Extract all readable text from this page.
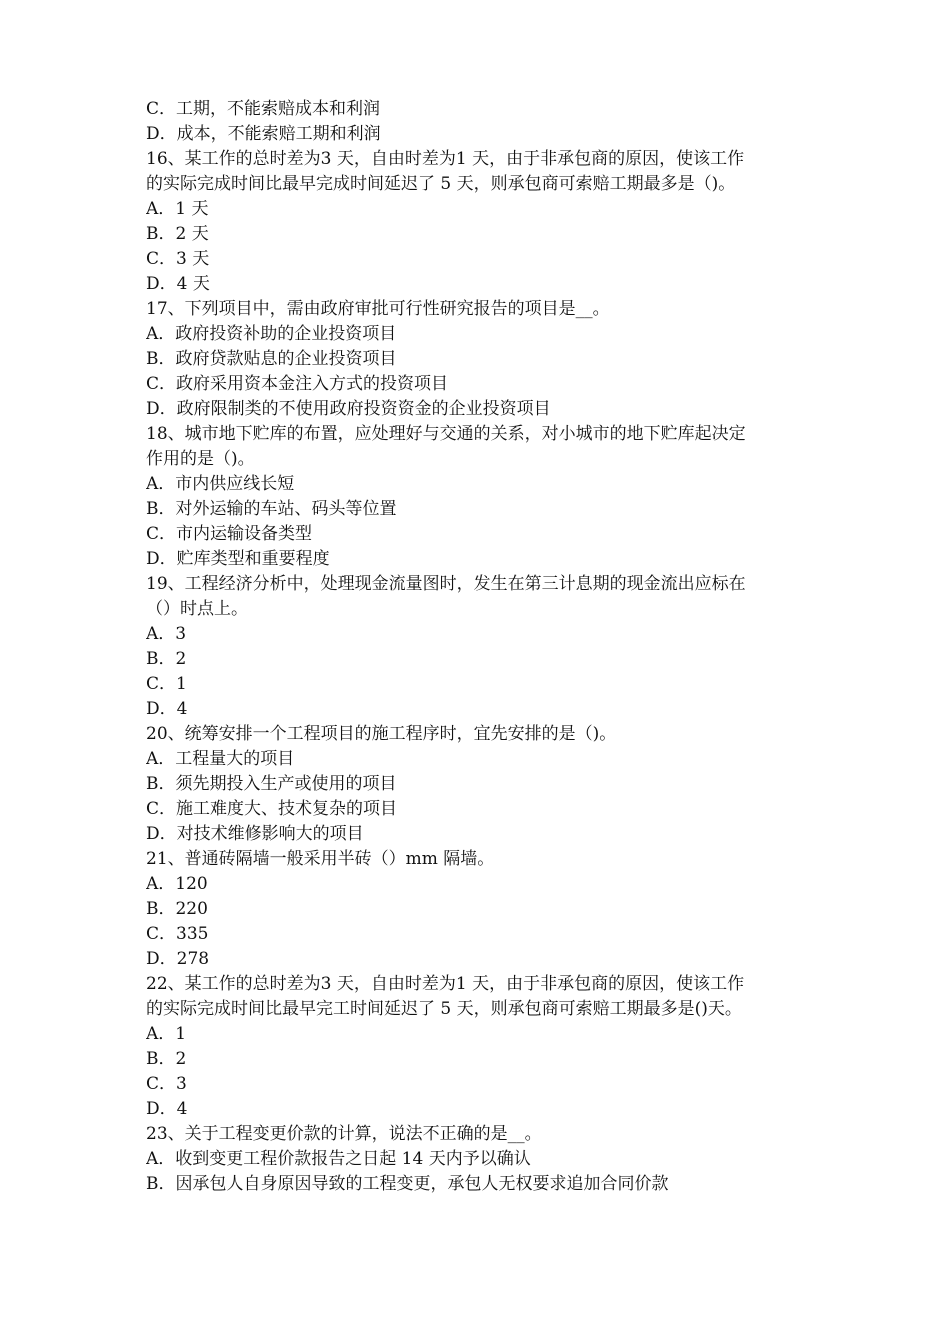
C．工期，不能索赔成本和利润
D．成本，不能索赔工期和利润
16、某工作的总时差为3 天，自由时差为1 天，由于非承包商的原因，使该工作
的实际完成时间比最早完成时间延迟了 5 天，则承包商可索赔工期最多是（)。
A．1 天
B．2 天
C．3 天
D．4 天
17、下列项目中，需由政府审批可行性研究报告的项目是__。
A．政府投资补助的企业投资项目
B．政府贷款贴息的企业投资项目
C．政府采用资本金注入方式的投资项目
D．政府限制类的不使用政府投资资金的企业投资项目
18、城市地下贮库的布置，应处理好与交通的关系，对小城市的地下贮库起决定
作用的是（)。
A．市内供应线长短
B．对外运输的车站、码头等位置
C．市内运输设备类型
D．贮库类型和重要程度
19、工程经济分析中，处理现金流量图时，发生在第三计息期的现金流出应标在
（）时点上。
A．3
B．2
C．1
D．4
20、统筹安排一个工程项目的施工程序时，宜先安排的是（)。
A．工程量大的项目
B．须先期投入生产或使用的项目
C．施工难度大、技术复杂的项目
D．对技术维修影响大的项目
21、普通砖隔墙一般采用半砖（）mm 隔墙。
A．120
B．220
C．335
D．278
22、某工作的总时差为3 天，自由时差为1 天，由于非承包商的原因，使该工作
的实际完成时间比最早完工时间延迟了 5 天，则承包商可索赔工期最多是()天。
A．1
B．2
C．3
D．4
23、关于工程变更价款的计算，说法不正确的是__。
A．收到变更工程价款报告之日起 14 天内予以确认
B．因承包人自身原因导致的工程变更，承包人无权要求追加合同价款
